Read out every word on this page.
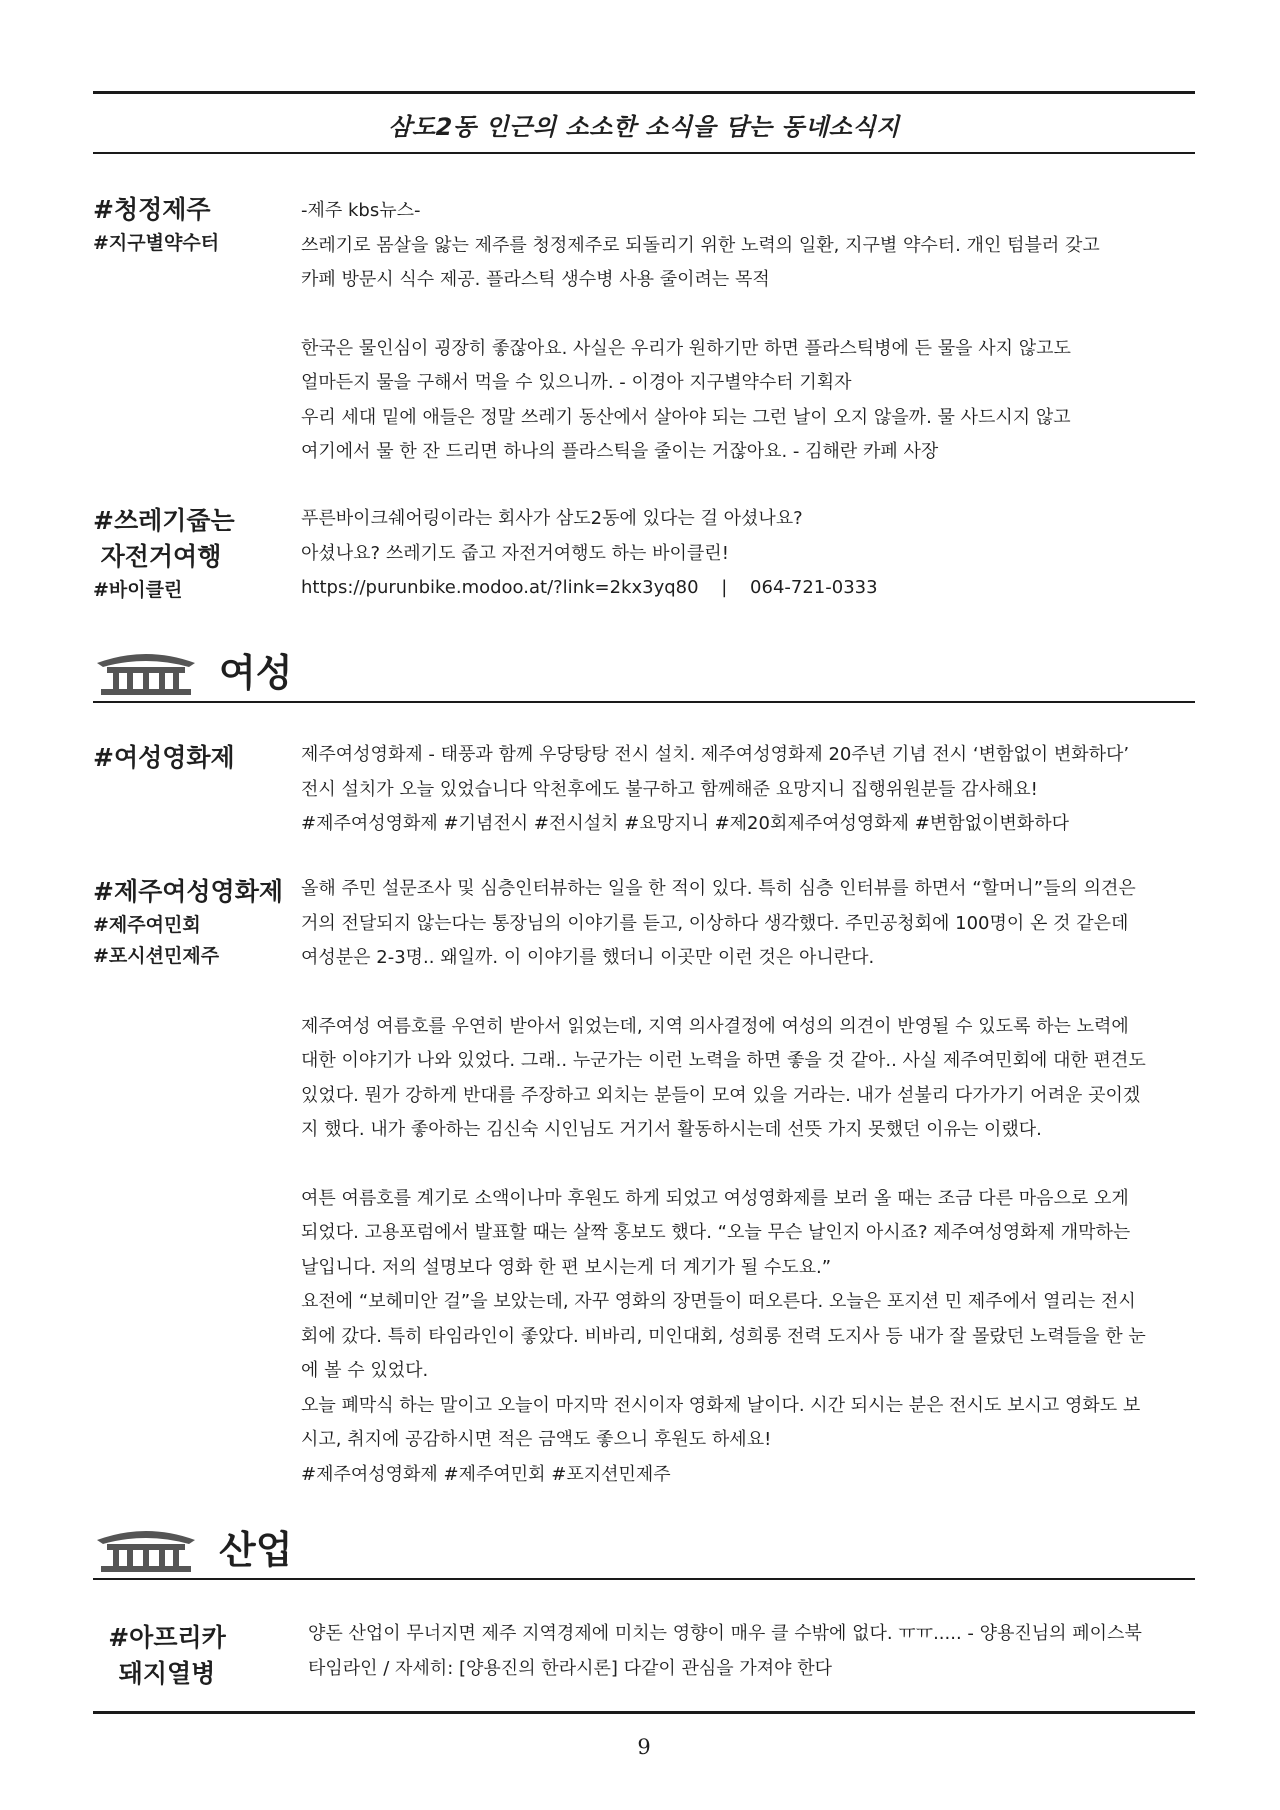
삼도2동 인근의 소소한 소식을 담는 동네소식지
#청정제주
#지구별약수터

-제주 kbs뉴스-

쓰레기로 몸살을 앓는 제주를 청정제주로 되돌리기 위한 노력의 일환, 지구별 약수터. 개인 텀블러 갖고

카페 방문시 식수 제공. 플라스틱 생수병 사용 줄이려는 목적

한국은 물인심이 굉장히 좋잖아요. 사실은 우리가 원하기만 하면 플라스틱병에 든 물을 사지 않고도

얼마든지 물을 구해서 먹을 수 있으니까. - 이경아 지구별약수터 기획자

우리 세대 밑에 애들은 정말 쓰레기 동산에서 살아야 되는 그런 날이 오지 않을까. 물 사드시지 않고

여기에서 물 한 잔 드리면 하나의 플라스틱을 줄이는 거잖아요. - 김해란 카페 사장

#쓰레기줍는
자전거여행
#바이클린

푸른바이크쉐어링이라는 회사가 삼도2동에 있다는 걸 아셨나요?

아셨나요? 쓰레기도 줍고 자전거여행도 하는 바이클린!

https://purunbike.modoo.at/?link=2kx3yq80 | 064-721-0333

여성
#여성영화제	제주여성영화제 - 태풍과 함께 우당탕탕 전시 설치. 제주여성영화제 20주년 기념 전시 ‘변함없이 변화하다’

전시 설치가 오늘 있었습니다 악천후에도 불구하고 함께해준 요망지니 집행위원분들 감사해요!

#제주여성영화제 #기념전시 #전시설치 #요망지니 #제20회제주여성영화제 #변함없이변화하다

#제주여성영화제
#제주여민회
#포시션민제주

올해 주민 설문조사 및 심층인터뷰하는 일을 한 적이 있다. 특히 심층 인터뷰를 하면서 “할머니”들의 의견은

거의 전달되지 않는다는 통장님의 이야기를 듣고, 이상하다 생각했다. 주민공청회에 100명이 온 것 같은데

여성분은 2-3명.. 왜일까. 이 이야기를 했더니 이곳만 이런 것은 아니란다.

제주여성 여름호를 우연히 받아서 읽었는데, 지역 의사결정에 여성의 의견이 반영될 수 있도록 하는 노력에

대한 이야기가 나와 있었다. 그래.. 누군가는 이런 노력을 하면 좋을 것 같아.. 사실 제주여민회에 대한 편견도

있었다. 뭔가 강하게 반대를 주장하고 외치는 분들이 모여 있을 거라는. 내가 섣불리 다가가기 어려운 곳이겠

지 했다. 내가 좋아하는 김신숙 시인님도 거기서 활동하시는데 선뜻 가지 못했던 이유는 이랬다.

여튼 여름호를 계기로 소액이나마 후원도 하게 되었고 여성영화제를 보러 올 때는 조금 다른 마음으로 오게

되었다. 고용포럼에서 발표할 때는 살짝 홍보도 했다. “오늘 무슨 날인지 아시죠? 제주여성영화제 개막하는

날입니다. 저의 설명보다 영화 한 편 보시는게 더 계기가 될 수도요.”

요전에 “보헤미안 걸”을 보았는데, 자꾸 영화의 장면들이 떠오른다. 오늘은 포지션 민 제주에서 열리는 전시

회에 갔다. 특히 타임라인이 좋았다. 비바리, 미인대회, 성희롱 전력 도지사 등 내가 잘 몰랐던 노력들을 한 눈

에 볼 수 있었다.

오늘 폐막식 하는 말이고 오늘이 마지막 전시이자 영화제 날이다. 시간 되시는 분은 전시도 보시고 영화도 보

시고, 취지에 공감하시면 적은 금액도 좋으니 후원도 하세요!

#제주여성영화제 #제주여민회 #포지션민제주

산업
#아프리카
돼지열병

양돈 산업이 무너지면 제주 지역경제에 미치는 영향이 매우 클 수밖에 없다. ㅠㅠ..... - 양용진님의 페이스북

타임라인 / 자세히: [양용진의 한라시론] 다같이 관심을 가져야 한다

9
